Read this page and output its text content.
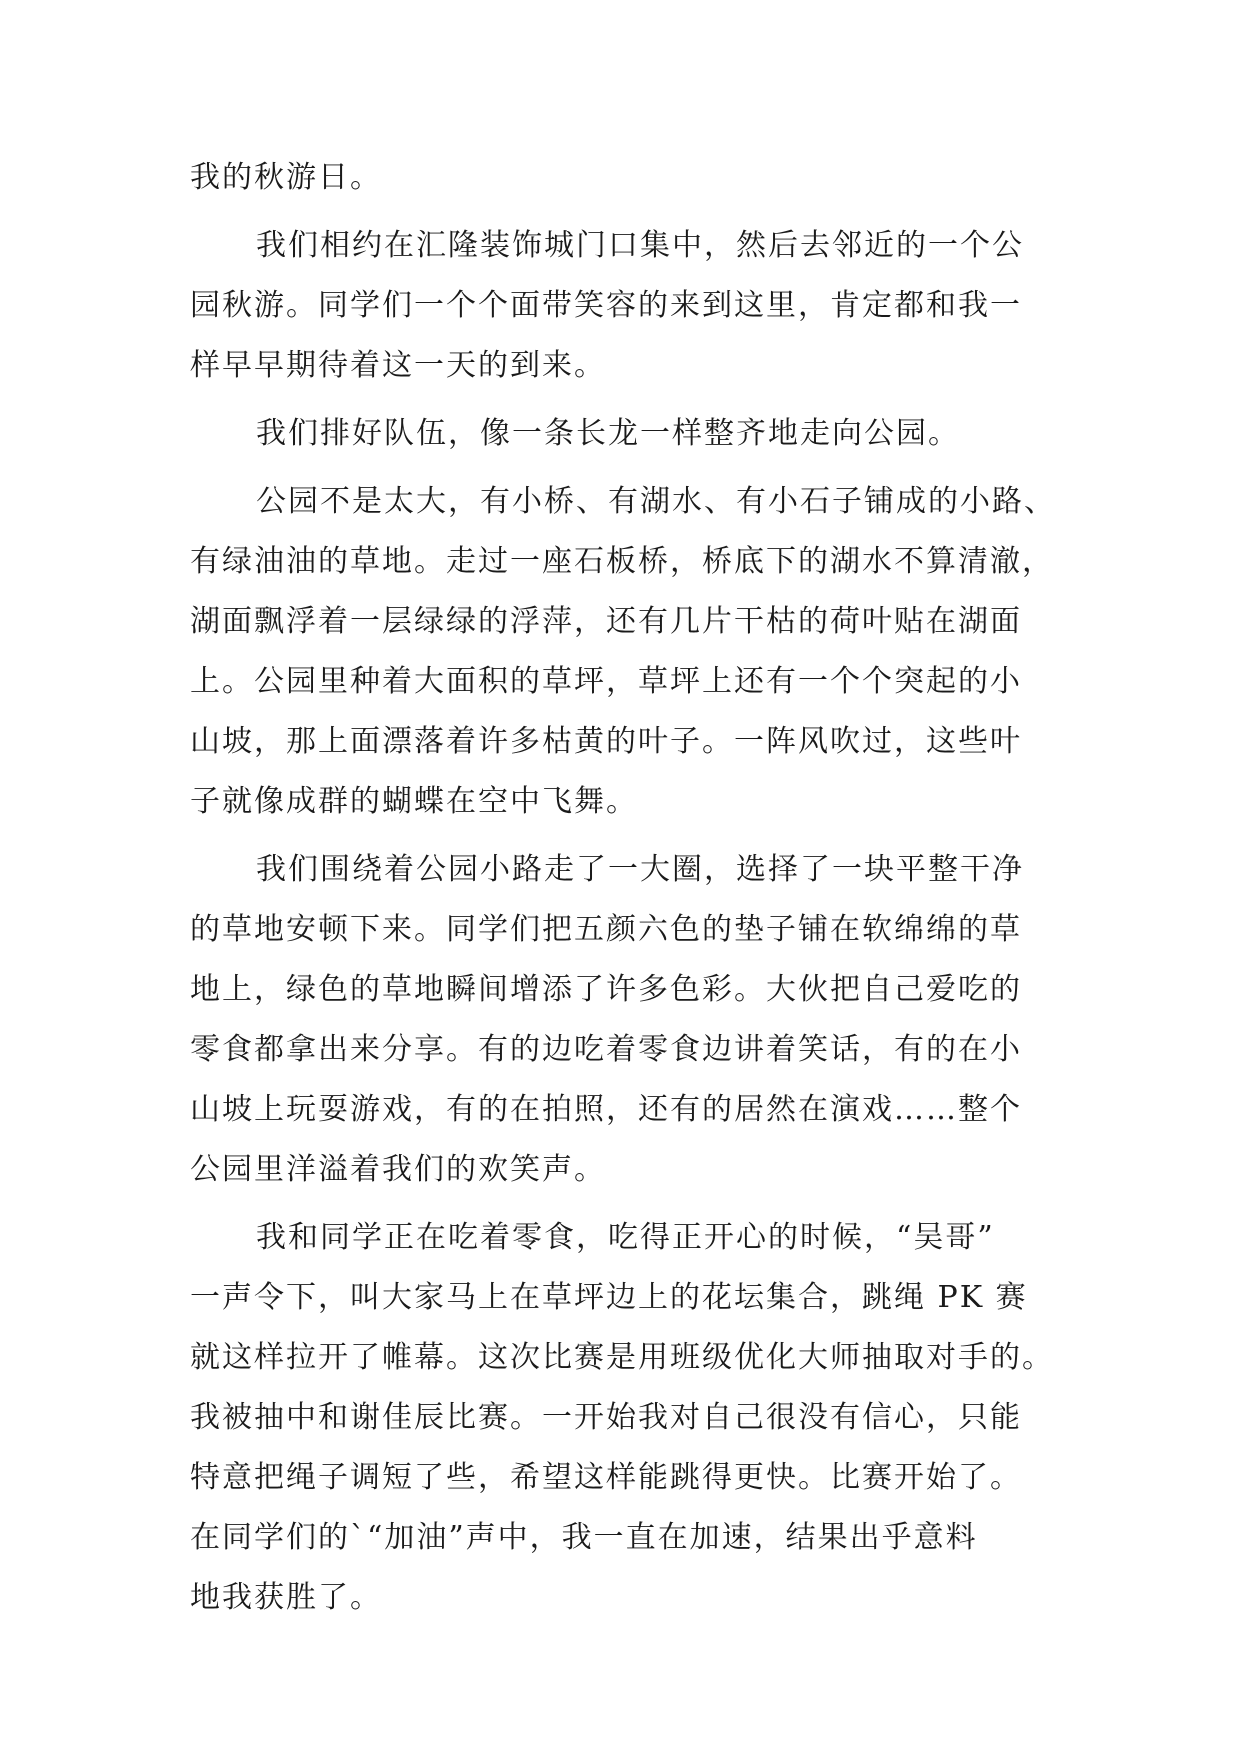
我的秋游日。
我们相约在汇隆装饰城门口集中，然后去邻近的一个公
园秋游。同学们一个个面带笑容的来到这里，肯定都和我一
样早早期待着这一天的到来。
我们排好队伍，像一条长龙一样整齐地走向公园。
公园不是太大，有小桥、有湖水、有小石子铺成的小路、
有绿油油的草地。走过一座石板桥，桥底下的湖水不算清澈，
湖面飘浮着一层绿绿的浮萍，还有几片干枯的荷叶贴在湖面
上。公园里种着大面积的草坪，草坪上还有一个个突起的小
山坡，那上面漂落着许多枯黄的叶子。一阵风吹过，这些叶
子就像成群的蝴蝶在空中飞舞。
我们围绕着公园小路走了一大圈，选择了一块平整干净
的草地安顿下来。同学们把五颜六色的垫子铺在软绵绵的草
地上，绿色的草地瞬间增添了许多色彩。大伙把自己爱吃的
零食都拿出来分享。有的边吃着零食边讲着笑话，有的在小
山坡上玩耍游戏，有的在拍照，还有的居然在演戏……整个
公园里洋溢着我们的欢笑声。
我和同学正在吃着零食，吃得正开心的时候，“吴哥”
一声令下，叫大家马上在草坪边上的花坛集合，跳绳 PK 赛
就这样拉开了帷幕。这次比赛是用班级优化大师抽取对手的。
我被抽中和谢佳辰比赛。一开始我对自己很没有信心，只能
特意把绳子调短了些，希望这样能跳得更快。比赛开始了。
在同学们的`“加油”声中，我一直在加速，结果出乎意料
地我获胜了。
